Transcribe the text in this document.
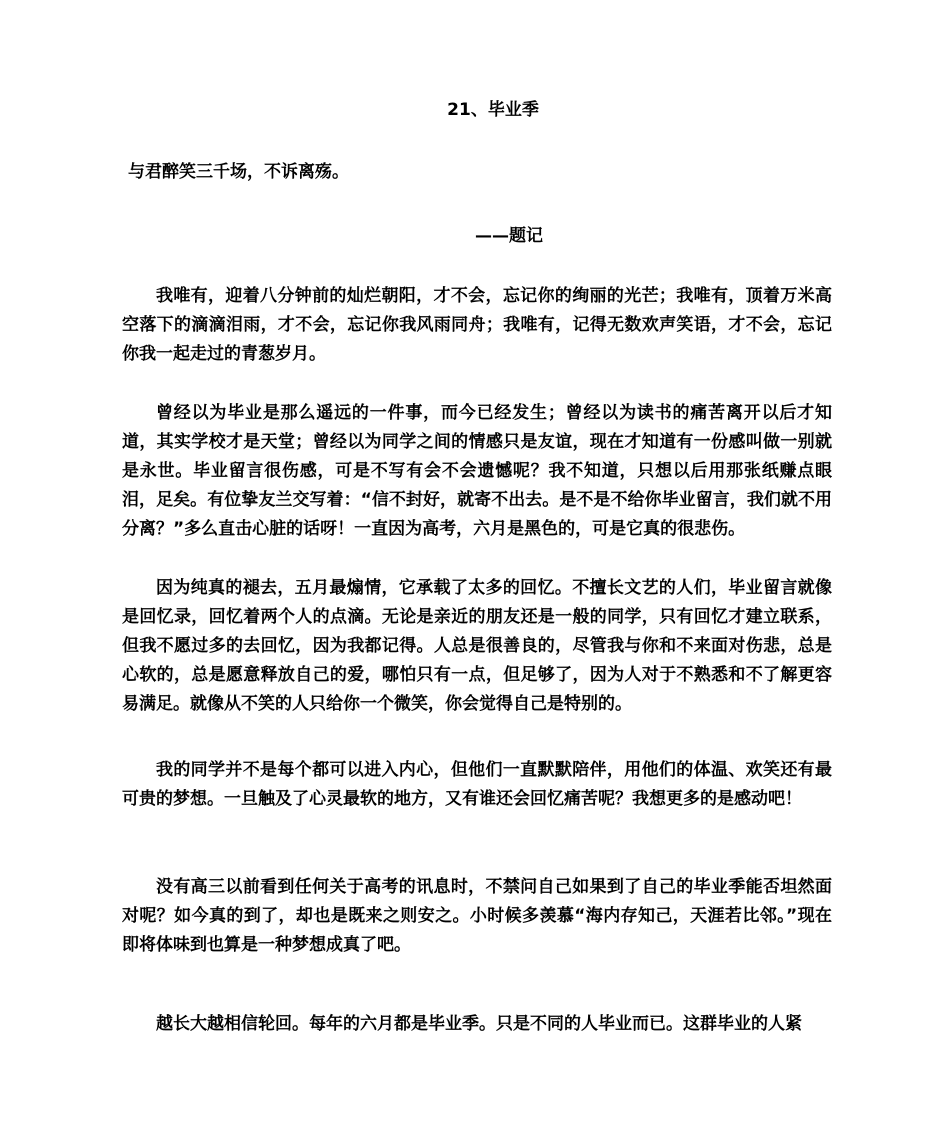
21、毕业季
与君醉笑三千场，不诉离殇。
——题记

我唯有，迎着八分钟前的灿烂朝阳，才不会，忘记你的绚丽的光芒；我唯有，顶着万米高空落下的滴滴泪雨，才不会，忘记你我风雨同舟；我唯有，记得无数欢声笑语，才不会，忘记你我一起走过的青葱岁月。

曾经以为毕业是那么遥远的一件事，而今已经发生；曾经以为读书的痛苦离开以后才知道，其实学校才是天堂；曾经以为同学之间的情感只是友谊，现在才知道有一份感叫做一别就是永世。毕业留言很伤感，可是不写有会不会遗憾呢？我不知道，只想以后用那张纸赚点眼泪，足矣。有位挚友兰交写着：“信不封好，就寄不出去。是不是不给你毕业留言，我们就不用分离？”多么直击心脏的话呀！一直因为高考，六月是黑色的，可是它真的很悲伤。

因为纯真的褪去，五月最煽情，它承载了太多的回忆。不擅长文艺的人们，毕业留言就像是回忆录，回忆着两个人的点滴。无论是亲近的朋友还是一般的同学，只有回忆才建立联系，但我不愿过多的去回忆，因为我都记得。人总是很善良的，尽管我与你和不来面对伤悲，总是心软的，总是愿意释放自己的爱，哪怕只有一点，但足够了，因为人对于不熟悉和不了解更容易满足。就像从不笑的人只给你一个微笑，你会觉得自己是特别的。

我的同学并不是每个都可以进入内心，但他们一直默默陪伴，用他们的体温、欢笑还有最可贵的梦想。一旦触及了心灵最软的地方，又有谁还会回忆痛苦呢？我想更多的是感动吧！

没有高三以前看到任何关于高考的讯息时，不禁问自己如果到了自己的毕业季能否坦然面对呢？如今真的到了，却也是既来之则安之。小时候多羡慕“海内存知己，天涯若比邻。”现在即将体味到也算是一种梦想成真了吧。

越长大越相信轮回。每年的六月都是毕业季。只是不同的人毕业而已。这群毕业的人紧
